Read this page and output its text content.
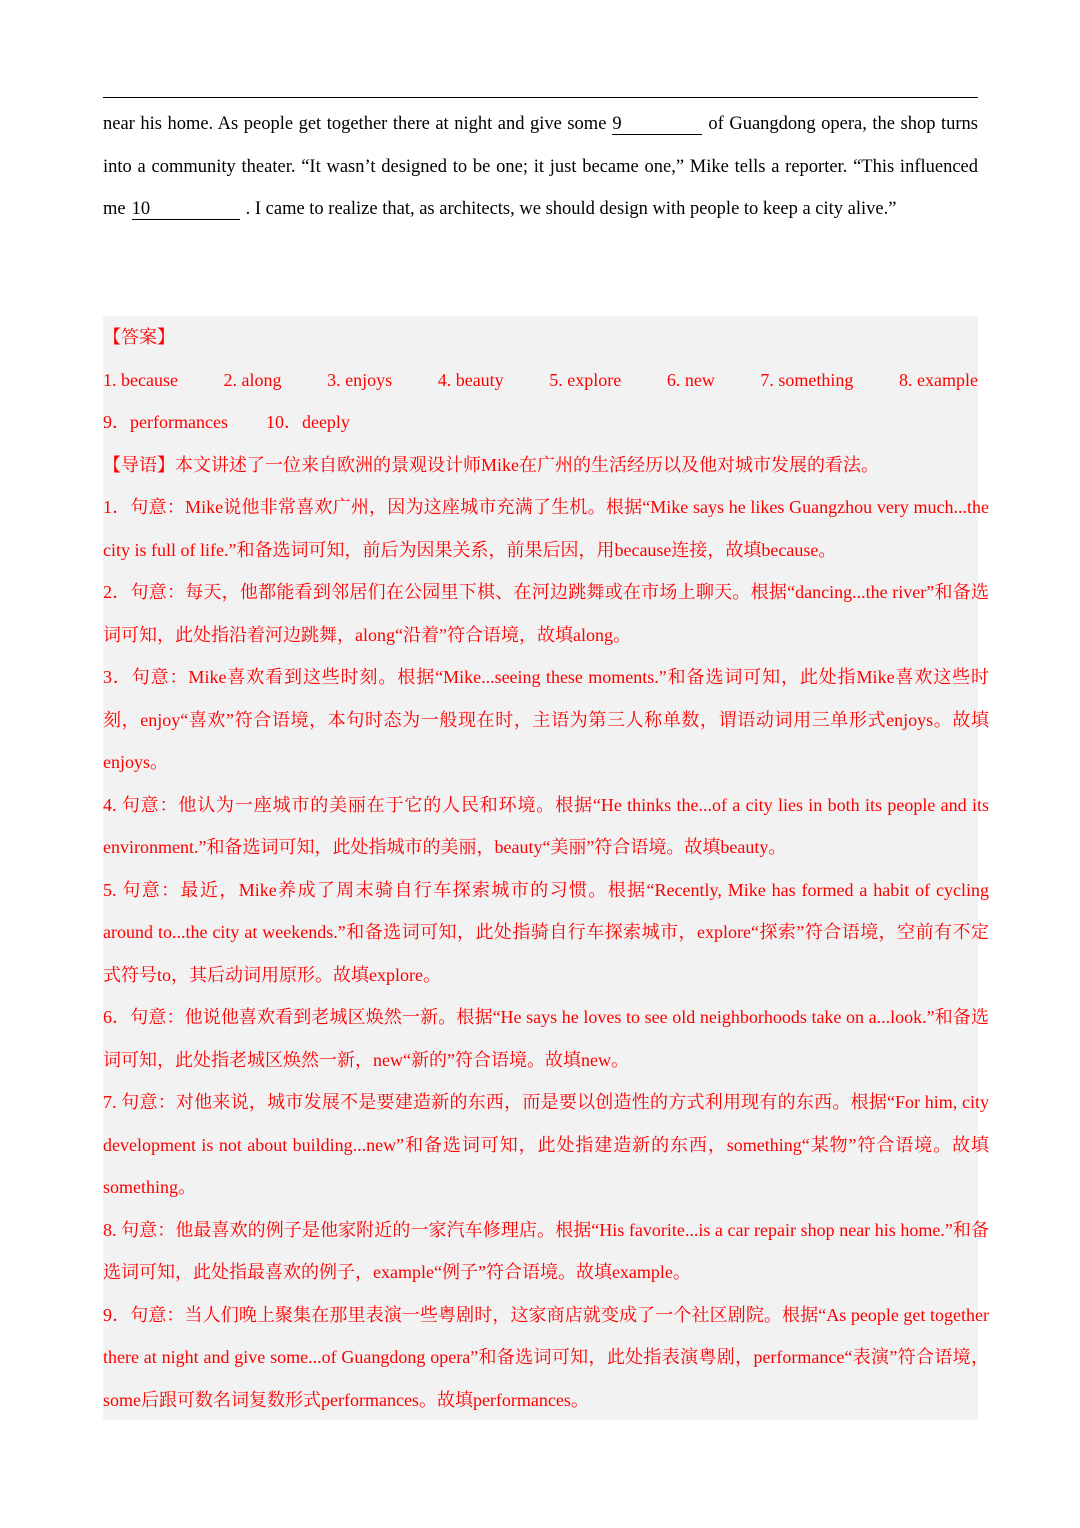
near his home. As people get together there at night and give some 9	of Guangdong opera, the shop turns into a community theater. “It wasn’t designed to be one; it just became one,” Mike tells a reporter. “This influenced me 10	. I came to realize that, as architects, we should design with people to keep a city alive.”
【答案】
1. because	2. along	3. enjoys	4. beauty	5. explore	6. new	7. something	8. example
9．performances 10．deeply
【导语】本文讲述了一位来自欧洲的景观设计师Mike在广州的生活经历以及他对城市发展的看法。
1．句意：Mike说他非常喜欢广州，因为这座城市充满了生机。根据“Mike says he likes Guangzhou very much...the city is full of life.”和备选词可知，前后为因果关系，前果后因，用because连接，故填because。
2．句意：每天，他都能看到邻居们在公园里下棋、在河边跳舞或在市场上聊天。根据“dancing...the river”和备选词可知，此处指沿着河边跳舞，along“沿着”符合语境，故填along。
3．句意：Mike喜欢看到这些时刻。根据“Mike...seeing these moments.”和备选词可知，此处指Mike喜欢这些时刻，enjoy“喜欢”符合语境，本句时态为一般现在时，主语为第三人称单数，谓语动词用三单形式enjoys。故填enjoys。
4. 句意：他认为一座城市的美丽在于它的人民和环境。根据“He thinks the...of a city lies in both its people and its environment.”和备选词可知，此处指城市的美丽，beauty“美丽”符合语境。故填beauty。
5. 句意：最近，Mike养成了周末骑自行车探索城市的习惯。根据“Recently, Mike has formed a habit of cycling around to...the city at weekends.”和备选词可知，此处指骑自行车探索城市，explore“探索”符合语境，空前有不定式符号to，其后动词用原形。故填explore。
6．句意：他说他喜欢看到老城区焕然一新。根据“He says he loves to see old neighborhoods take on a...look.”和备选词可知，此处指老城区焕然一新，new“新的”符合语境。故填new。
7. 句意：对他来说，城市发展不是要建造新的东西，而是要以创造性的方式利用现有的东西。根据“For him, city development is not about building...new”和备选词可知，此处指建造新的东西，something“某物”符合语境。故填something。
8. 句意：他最喜欢的例子是他家附近的一家汽车修理店。根据“His favorite...is a car repair shop near his home.”和备选词可知，此处指最喜欢的例子，example“例子”符合语境。故填example。
9．句意：当人们晚上聚集在那里表演一些粤剧时，这家商店就变成了一个社区剧院。根据“As people get together there at night and give some...of Guangdong opera”和备选词可知，此处指表演粤剧，performance“表演”符合语境，some后跟可数名词复数形式performances。故填performances。
